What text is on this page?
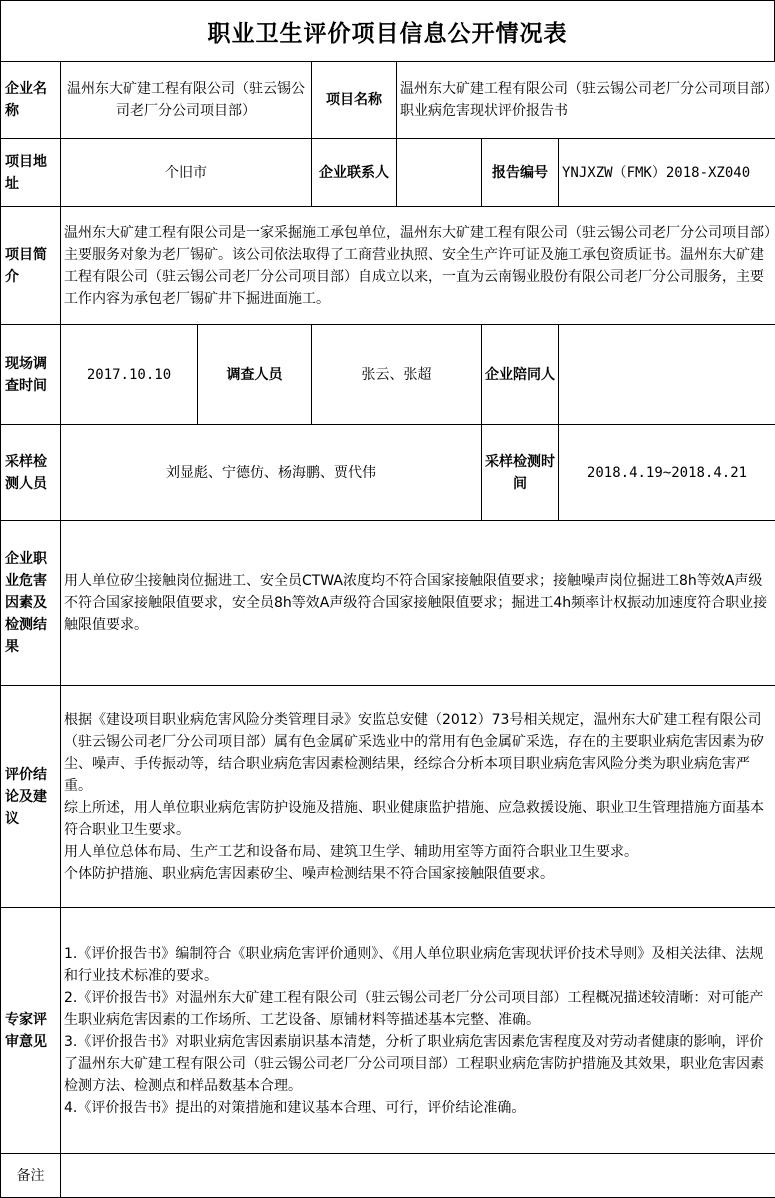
职业卫生评价项目信息公开情况表
企业名称	温州东大矿建工程有限公司（驻云锡公司老厂分公司项目部）		项目名称	温州东大矿建工程有限公司（驻云锡公司老厂分公司项目部）职业病危害现状评价报告书		
项目地址	个旧市		企业联系人		报告编号	YNJXZW（FMK）2018-XZ040
项目简介	温州东大矿建工程有限公司是一家采掘施工承包单位，温州东大矿建工程有限公司（驻云锡公司老厂分公司项目部）主要服务对象为老厂锡矿。该公司依法取得了工商营业执照、安全生产许可证及施工承包资质证书。温州东大矿建工程有限公司（驻云锡公司老厂分公司项目部）自成立以来，一直为云南锡业股份有限公司老厂分公司服务，主要工作内容为承包老厂锡矿井下掘进面施工。					
现场调查时间	2017.10.10	调查人员	张云、张超		企业陪同人	
采样检测人员	刘显彪、宁德仿、杨海鹏、贾代伟				采样检测时间	2018.4.19~2018.4.21
企业职业危害因素及检测结果	用人单位矽尘接触岗位掘进工、安全员CTWA浓度均不符合国家接触限值要求；接触噪声岗位掘进工8h等效A声级不符合国家接触限值要求，安全员8h等效A声级符合国家接触限值要求；掘进工4h频率计权振动加速度符合职业接触限值要求。					
评价结论及建议	根据《建设项目职业病危害风险分类管理目录》安监总安健（2012）73号相关规定，温州东大矿建工程有限公司（驻云锡公司老厂分公司项目部）属有色金属矿采选业中的常用有色金属矿采选，存在的主要职业病危害因素为矽尘、噪声、手传振动等，结合职业病危害因素检测结果，经综合分析本项目职业病危害风险分类为职业病危害严重。

综上所述，用人单位职业病危害防护设施及措施、职业健康监护措施、应急救援设施、职业卫生管理措施方面基本符合职业卫生要求。

用人单位总体布局、生产工艺和设备布局、建筑卫生学、辅助用室等方面符合职业卫生要求。

个体防护措施、职业病危害因素矽尘、噪声检测结果不符合国家接触限值要求。					

专家评审意见	1.《评价报告书》编制符合《职业病危害评价通则》、《用人单位职业病危害现状评价技术导则》及相关法律、法规和行业技术标准的要求。

2.《评价报告书》对温州东大矿建工程有限公司（驻云锡公司老厂分公司项目部）工程概况描述较清晰：对可能产生职业病危害因素的工作场所、工艺设备、原铺材料等描述基本完整、准确。

3.《评价报告书》对职业病危害因素崩识基本清楚，分析了职业病危害因素危害程度及对劳动者健康的影响，评价了温州东大矿建工程有限公司（驻云锡公司老厂分公司项目部）工程职业病危害防护措施及其效果，职业危害因素检测方法、检测点和样品数基本合理。

4.《评价报告书》提出的对策措施和建议基本合理、可行，评价结论准确。					

备注						
